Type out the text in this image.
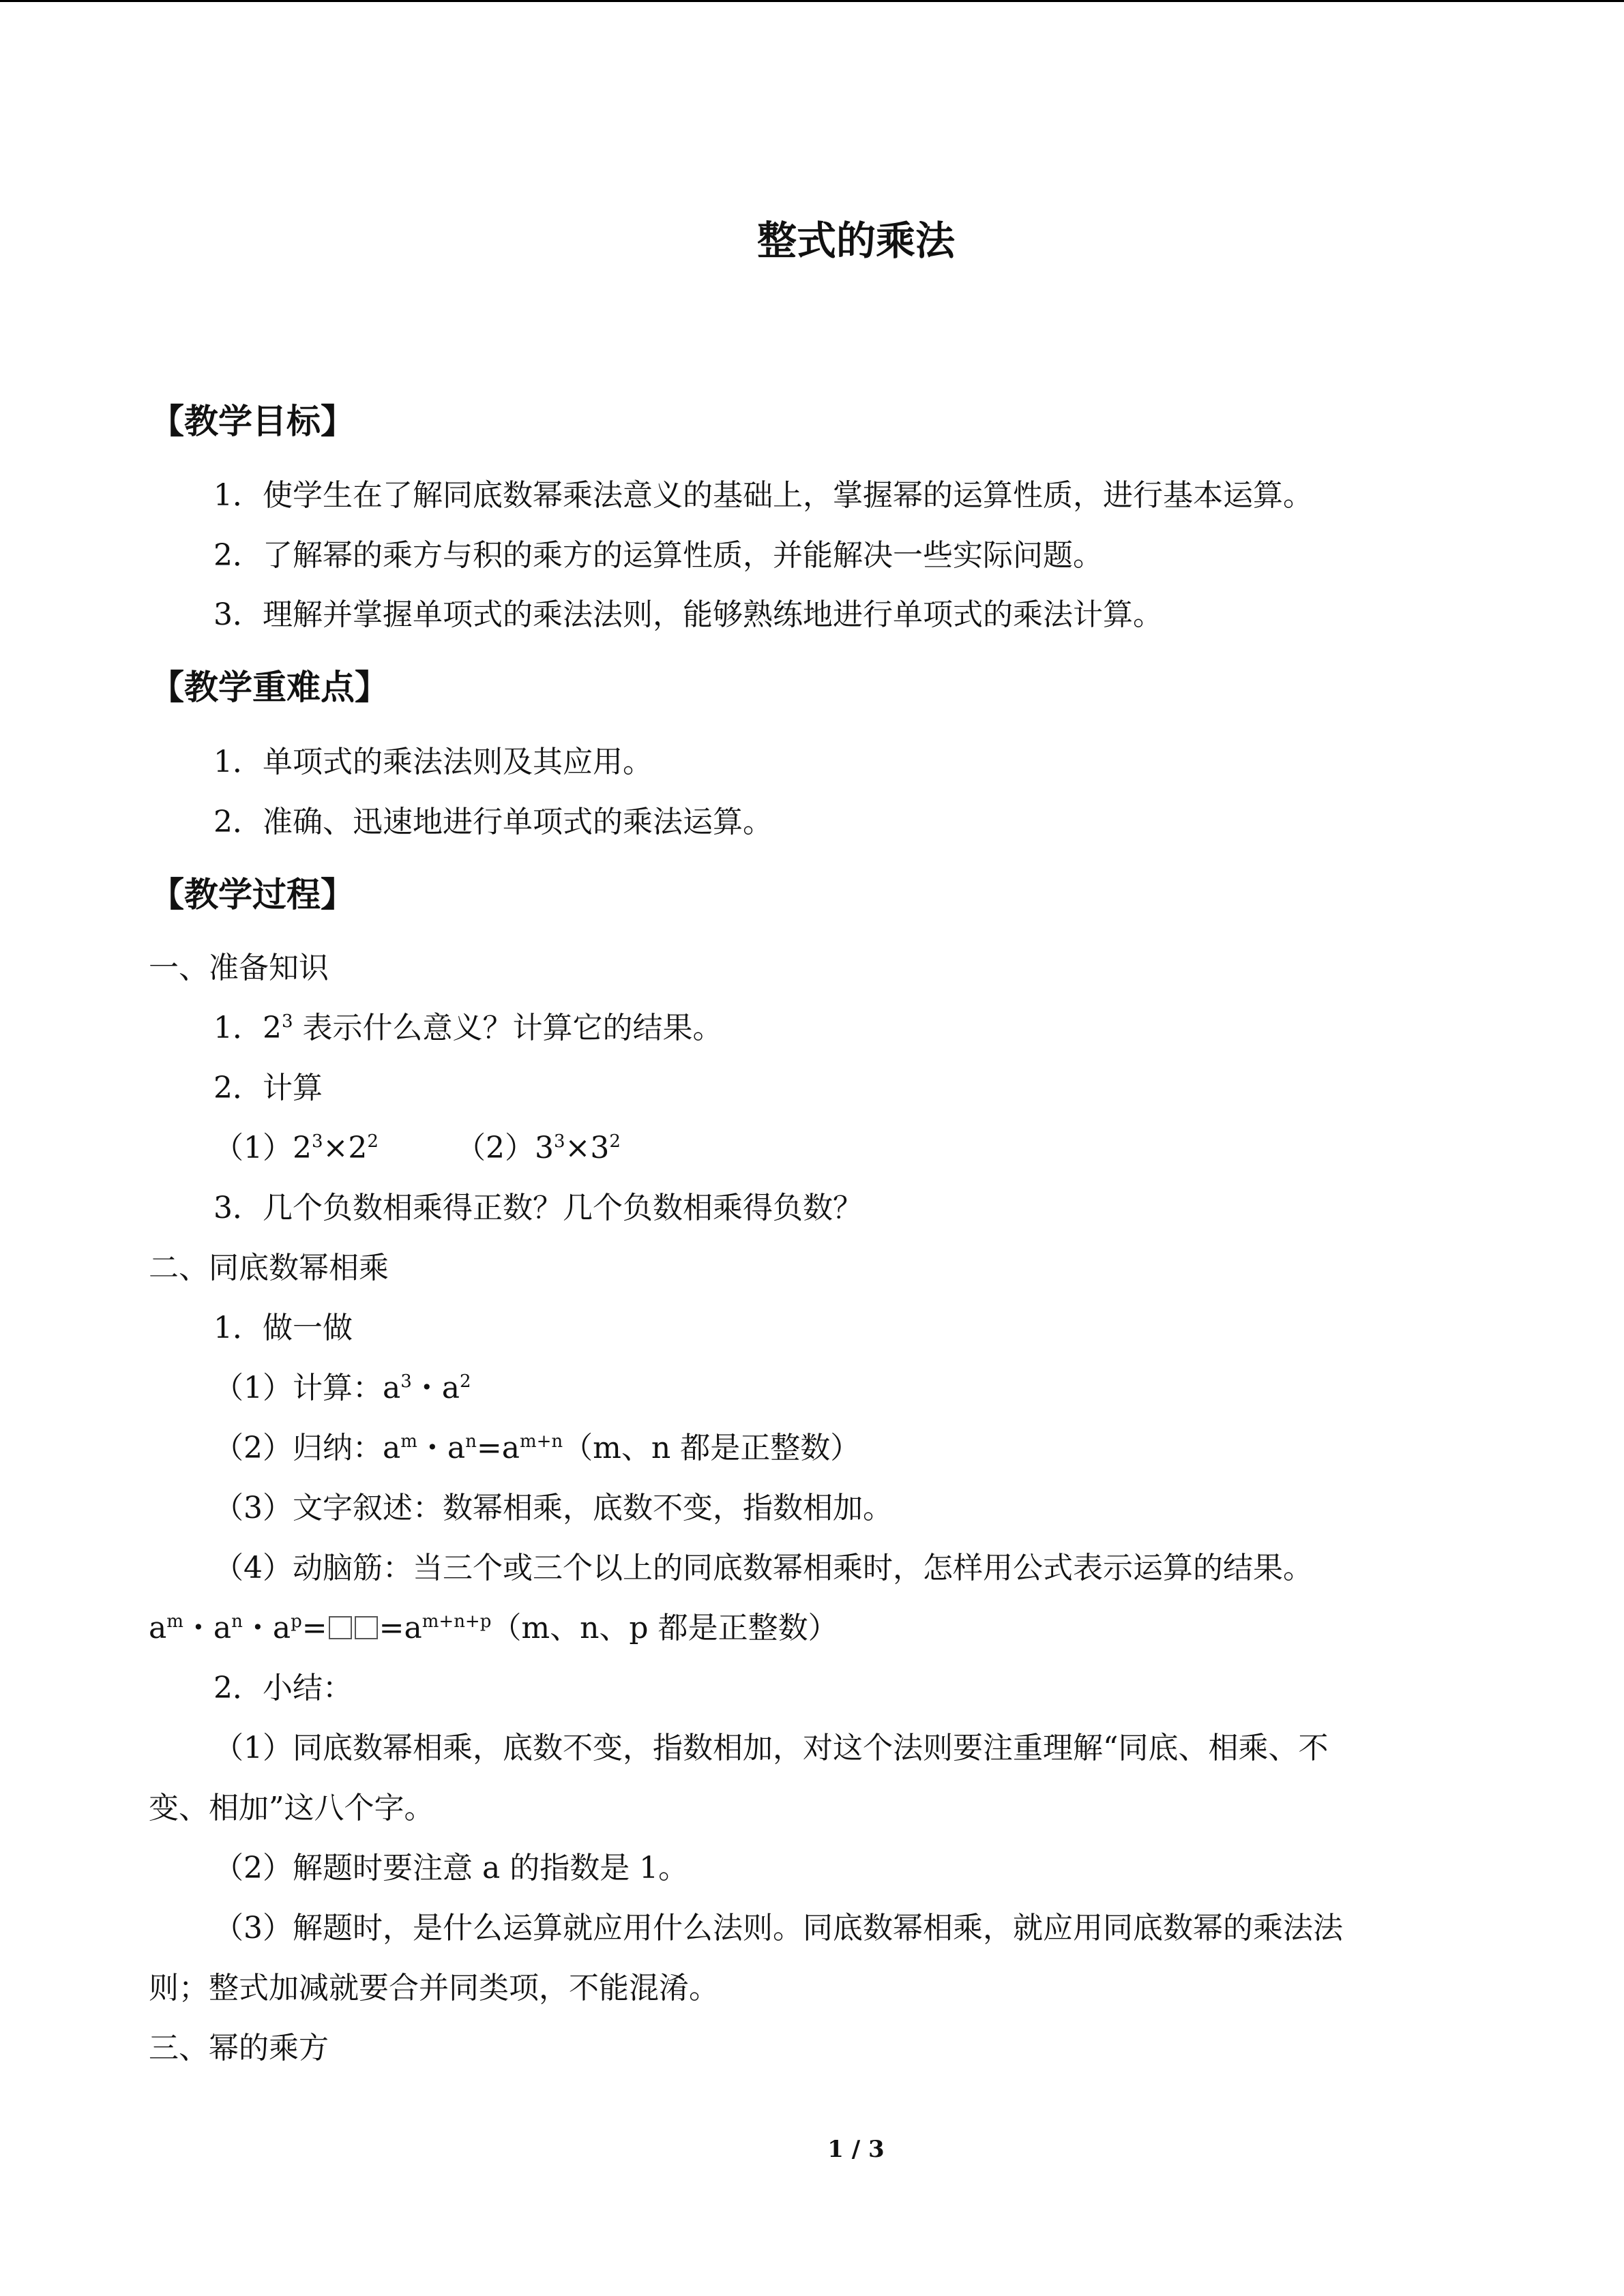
整式的乘法
【教学目标】
1．使学生在了解同底数幂乘法意义的基础上，掌握幂的运算性质，进行基本运算。
2．了解幂的乘方与积的乘方的运算性质，并能解决一些实际问题。
3．理解并掌握单项式的乘法法则，能够熟练地进行单项式的乘法计算。
【教学重难点】
1．单项式的乘法法则及其应用。
2．准确、迅速地进行单项式的乘法运算。
【教学过程】
一、准备知识
1．$2^3$ 表示什么意义？计算它的结果。
2．计算
$(1)2^3\times 2^2$	$(2)3^3\times 3^2$
3．几个负数相乘得正数？几个负数相乘得负数？
二、同底数幂相乘
1．做一做
（1）计算：$a^3$・$a^2$
（2）归纳：$a^m$・$a^n=a^{m+n}(m$、n 都是正整数）
（3）文字叙述：数幂相乘，底数不变，指数相加。
（4）动脑筋：当三个或三个以上的同底数幂相乘时，怎样用公式表示运算的结果。
$a^m$・$a^n$・$a^p= =a^{m+n+p}(m$、n、p 都是正整数）
2．小结：
（1）同底数幂相乘，底数不变，指数相加，对这个法则要注重理解“同底、相乘、不
变、相加”这八个字。
（2）解题时要注意 a 的指数是 1。
（3）解题时，是什么运算就应用什么法则。同底数幂相乘，就应用同底数幂的乘法法
则；整式加减就要合并同类项，不能混淆。
三、幂的乘方
1 / 3
